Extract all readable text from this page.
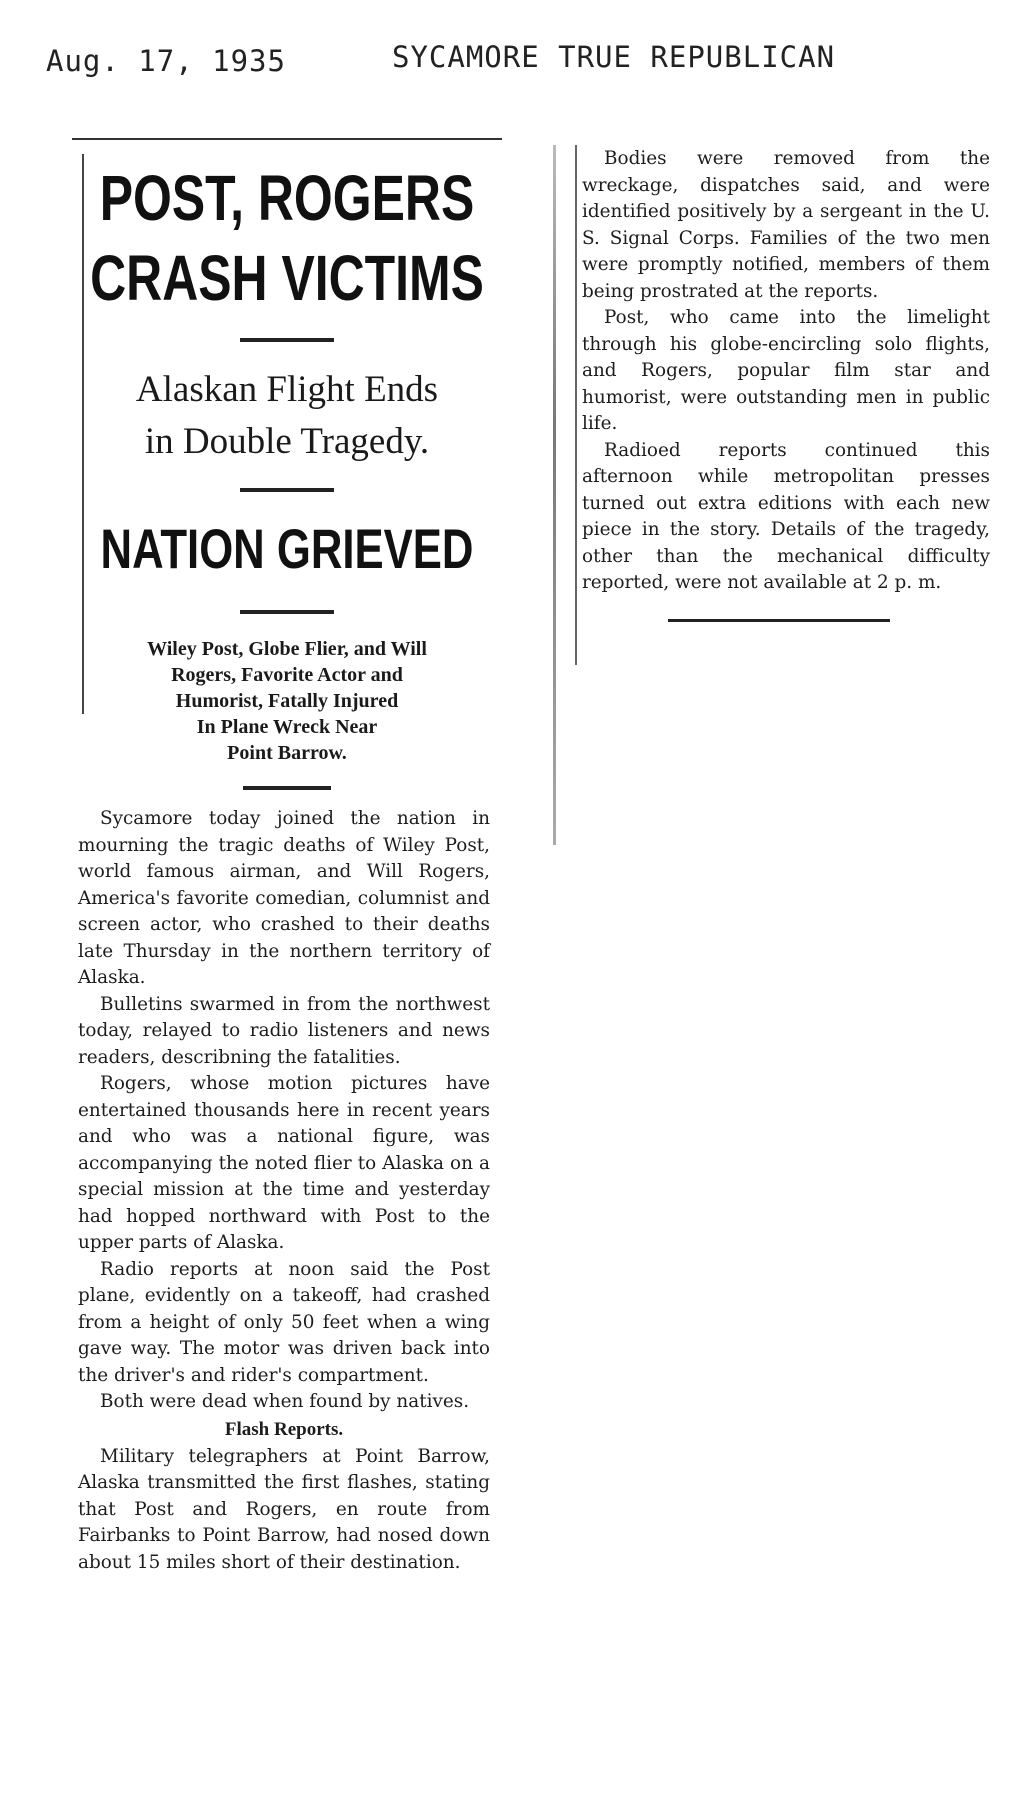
Aug. 17, 1935	SYCAMORE TRUE REPUBLICAN
POST, ROGERS
CRASH VICTIMS
Alaskan Flight Ends
in Double Tragedy.
NATION GRIEVED
Wiley Post, Globe Flier, and Will
Rogers, Favorite Actor and
Humorist, Fatally Injured
In Plane Wreck Near
Point Barrow.

Sycamore today joined the nation in mourning the tragic deaths of Wiley Post, world famous airman, and Will Rogers, America's favorite comedian, columnist and screen actor, who crashed to their deaths late Thursday in the northern territory of Alaska.

Bulletins swarmed in from the northwest today, relayed to radio listeners and news readers, describning the fatalities.

Rogers, whose motion pictures have entertained thousands here in recent years and who was a national figure, was accompanying the noted flier to Alaska on a special mission at the time and yesterday had hopped northward with Post to the upper parts of Alaska.

Radio reports at noon said the Post plane, evidently on a takeoff, had crashed from a height of only 50 feet when a wing gave way. The motor was driven back into the driver's and rider's compartment.

Both were dead when found by natives.

Flash Reports.

Military telegraphers at Point Barrow, Alaska transmitted the first flashes, stating that Post and Rogers, en route from Fairbanks to Point Barrow, had nosed down about 15 miles short of their destination.

Bodies were removed from the wreckage, dispatches said, and were identified positively by a sergeant in the U. S. Signal Corps. Families of the two men were promptly notified, members of them being prostrated at the reports.

Post, who came into the limelight through his globe-encircling solo flights, and Rogers, popular film star and humorist, were outstanding men in public life.

Radioed reports continued this afternoon while metropolitan presses turned out extra editions with each new piece in the story. Details of the tragedy, other than the mechanical difficulty reported, were not available at 2 p. m.
